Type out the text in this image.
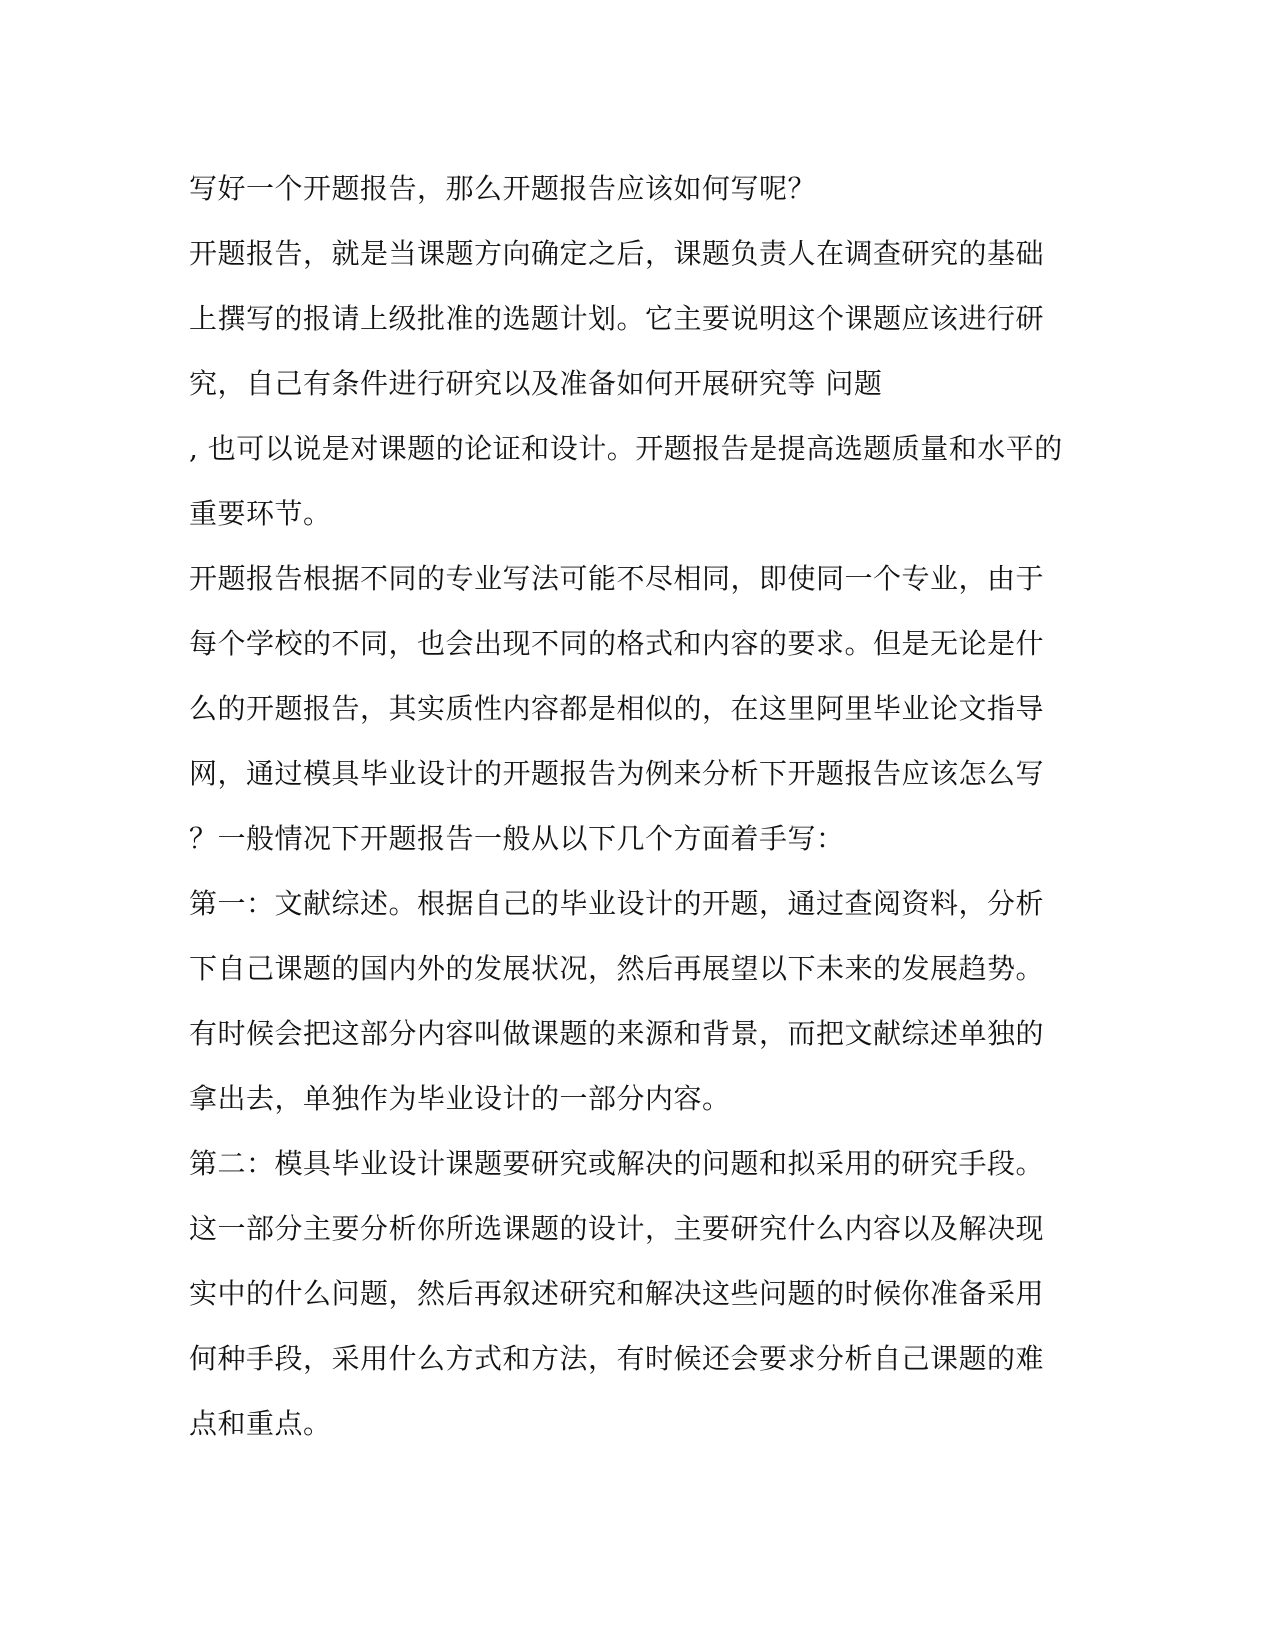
写好一个开题报告，那么开题报告应该如何写呢？
开题报告，就是当课题方向确定之后，课题负责人在调查研究的基础
上撰写的报请上级批准的选题计划。它主要说明这个课题应该进行研
究，自己有条件进行研究以及准备如何开展研究等 问题
, 也可以说是对课题的论证和设计。开题报告是提高选题质量和水平的
重要环节。
开题报告根据不同的专业写法可能不尽相同，即使同一个专业，由于
每个学校的不同，也会出现不同的格式和内容的要求。但是无论是什
么的开题报告，其实质性内容都是相似的，在这里阿里毕业论文指导
网，通过模具毕业设计的开题报告为例来分析下开题报告应该怎么写
？一般情况下开题报告一般从以下几个方面着手写：
第一：文献综述。根据自己的毕业设计的开题，通过查阅资料，分析
下自己课题的国内外的发展状况，然后再展望以下未来的发展趋势。
有时候会把这部分内容叫做课题的来源和背景，而把文献综述单独的
拿出去，单独作为毕业设计的一部分内容。
第二：模具毕业设计课题要研究或解决的问题和拟采用的研究手段。
这一部分主要分析你所选课题的设计，主要研究什么内容以及解决现
实中的什么问题，然后再叙述研究和解决这些问题的时候你准备采用
何种手段，采用什么方式和方法，有时候还会要求分析自己课题的难
点和重点。
